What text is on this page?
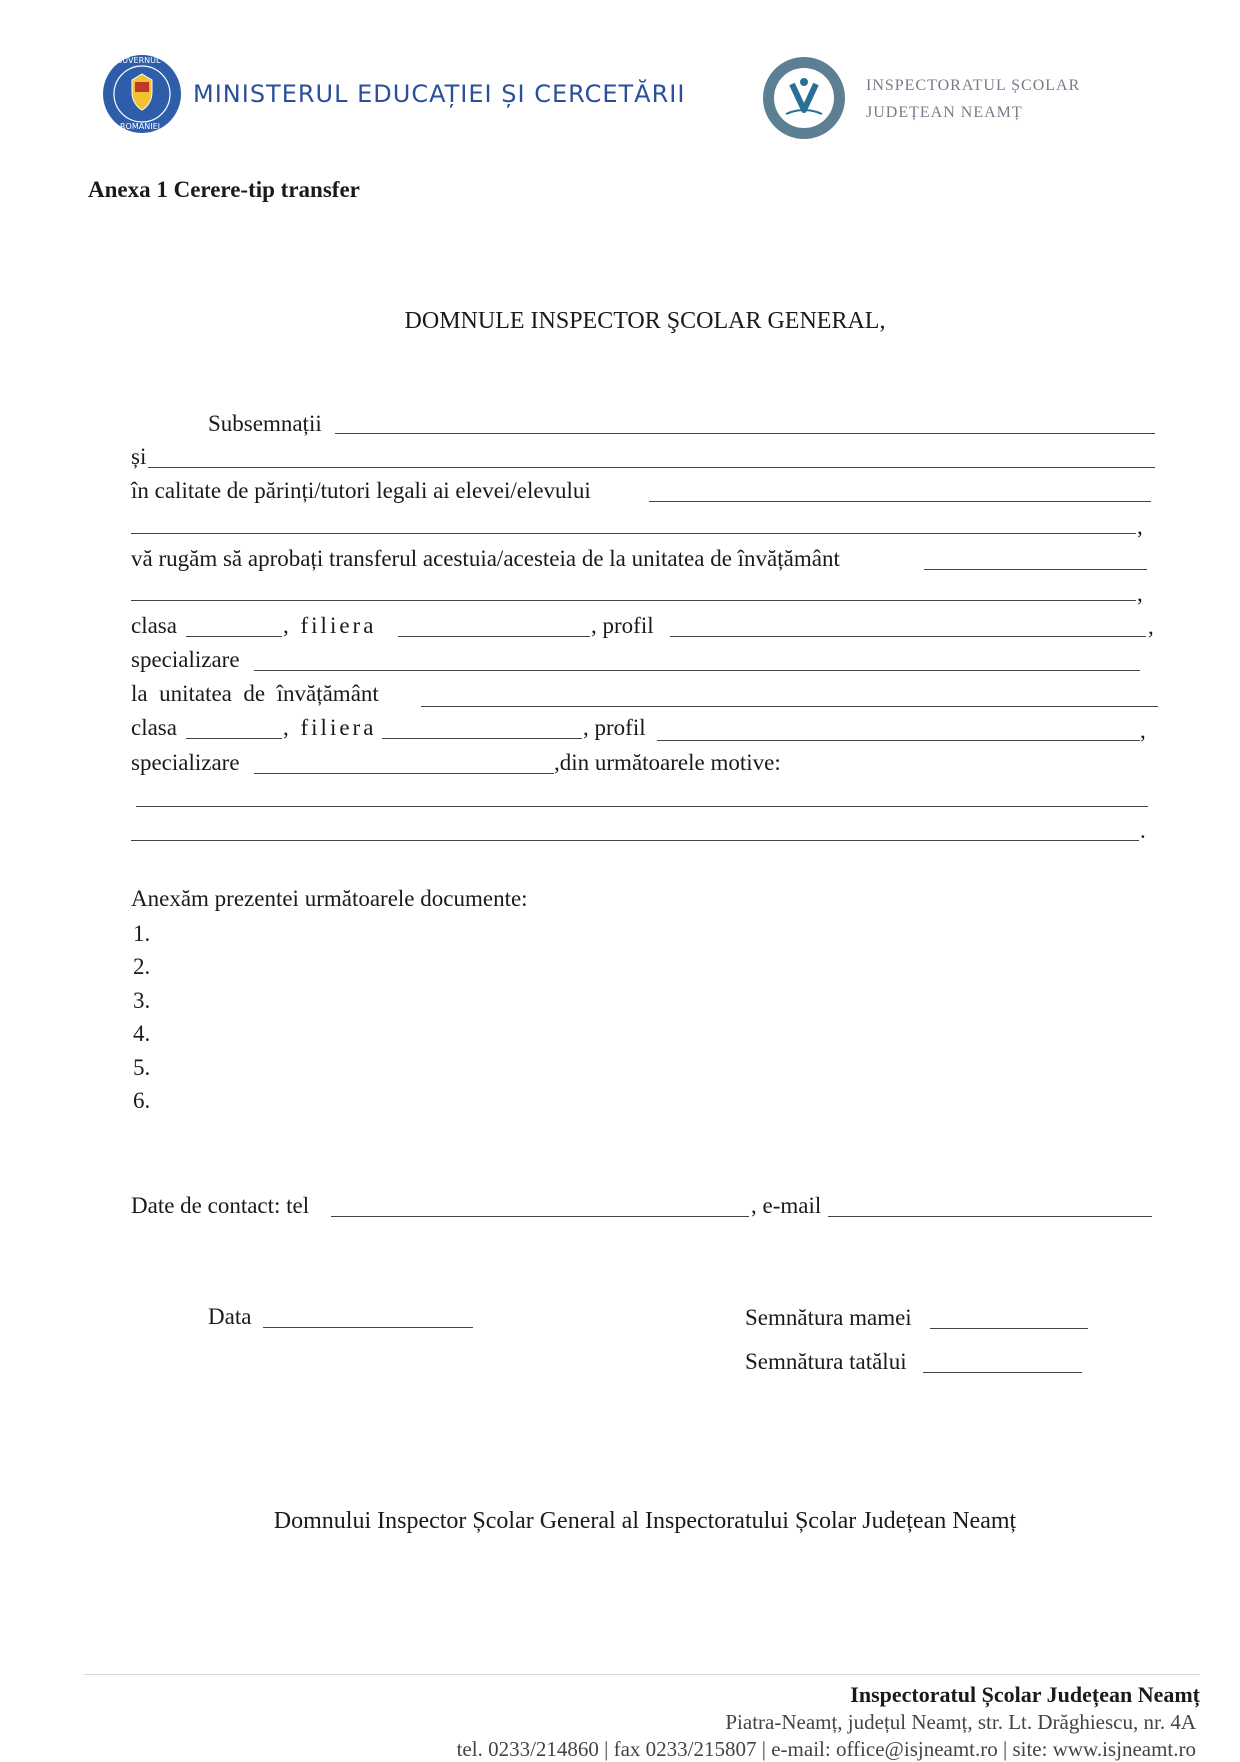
GUVERNUL
ROMÂNIEI
MINISTERUL EDUCAȚIEI ȘI CERCETĂRII	INSPECTORATUL ȘCOLAR
JUDEȚEAN NEAMȚ
Anexa 1 Cerere-tip transfer
DOMNULE INSPECTOR ŞCOLAR GENERAL,
Subsemnații
și
în calitate de părinți/tutori legali ai elevei/elevului
,
vă rugăm să aprobați transferul acestuia/acesteia de la unitatea de învățământ
,
clasa	, filiera	, profil	,
specializare
la  unitatea  de  învățământ
clasa	, filiera	, profil	,
specializare	,din următoarele motive:
.
Anexăm prezentei următoarele documente:
1.
2.
3.
4.
5.
6.
Date de contact: tel	, e-mail
Data	Semnătura mamei
Semnătura tatălui
Domnului Inspector Școlar General al Inspectoratului Școlar Județean Neamț
Inspectoratul Școlar Județean Neamț
Piatra-Neamț, județul Neamț, str. Lt. Drăghiescu, nr. 4A
tel. 0233/214860 | fax 0233/215807 | e-mail: office@isjneamt.ro | site: www.isjneamt.ro
